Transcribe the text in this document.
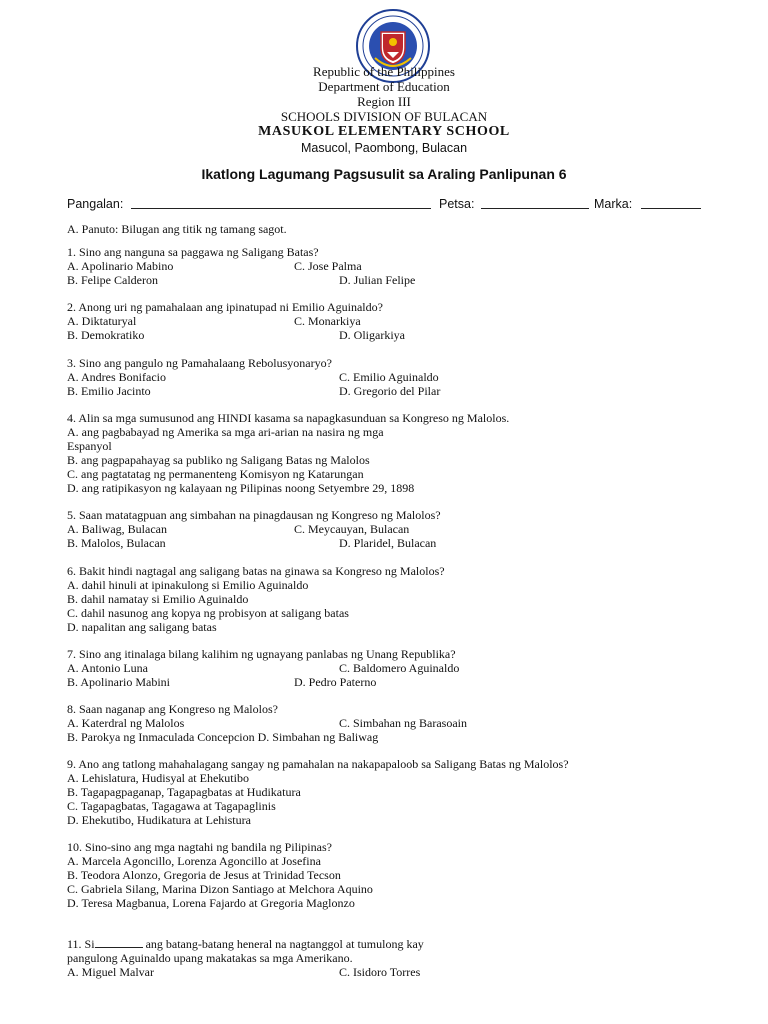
Republic of the Philippines
Department of Education
Region III
SCHOOLS DIVISION OF BULACAN
MASUKOL ELEMENTARY SCHOOL
Masucol, Paombong, Bulacan
Ikatlong Lagumang Pagsusulit sa Araling Panlipunan 6
Pangalan:	Petsa:	Marka:
A. Panuto: Bilugan ang titik ng tamang sagot.
1. Sino ang nanguna sa paggawa ng Saligang Batas?
A. Apolinario Mabino	C. Jose Palma
B. Felipe Calderon	D. Julian Felipe
2. Anong uri ng pamahalaan ang ipinatupad ni Emilio Aguinaldo?
A. Diktaturyal	C. Monarkiya
B. Demokratiko	D. Oligarkiya
3. Sino ang pangulo ng Pamahalaang Rebolusyonaryo?
A. Andres Bonifacio	C. Emilio Aguinaldo
B. Emilio Jacinto	D. Gregorio del Pilar
4. Alin sa mga sumusunod ang HINDI kasama sa napagkasunduan sa Kongreso ng Malolos.
A. ang pagbabayad ng Amerika sa mga ari-arian na nasira ng mga
Espanyol
B. ang pagpapahayag sa publiko ng Saligang Batas ng Malolos
C. ang pagtatatag ng permanenteng Komisyon ng Katarungan
D. ang ratipikasyon ng kalayaan ng Pilipinas noong Setyembre 29, 1898
5. Saan matatagpuan ang simbahan na pinagdausan ng Kongreso ng Malolos?
A. Baliwag, Bulacan	C. Meycauyan, Bulacan
B. Malolos, Bulacan	D. Plaridel, Bulacan
6. Bakit hindi nagtagal ang saligang batas na ginawa sa Kongreso ng Malolos?
A. dahil hinuli at ipinakulong si Emilio Aguinaldo
B. dahil namatay si Emilio Aguinaldo
C. dahil nasunog ang kopya ng probisyon at saligang batas
D. napalitan ang saligang batas
7. Sino ang itinalaga bilang kalihim ng ugnayang panlabas ng Unang Republika?
A. Antonio Luna	C. Baldomero Aguinaldo
B. Apolinario Mabini	D. Pedro Paterno
8. Saan naganap ang Kongreso ng Malolos?
A. Katerdral ng Malolos	C. Simbahan ng Barasoain
B. Parokya ng Inmaculada Concepcion D. Simbahan ng Baliwag
9. Ano ang tatlong mahahalagang sangay ng pamahalan na nakapapaloob sa Saligang Batas ng Malolos?
A. Lehislatura, Hudisyal at Ehekutibo
B. Tagapagpaganap, Tagapagbatas at Hudikatura
C. Tagapagbatas, Tagagawa at Tagapaglinis
D. Ehekutibo, Hudikatura at Lehistura
10. Sino-sino ang mga nagtahi ng bandila ng Pilipinas?
A. Marcela Agoncillo, Lorenza Agoncillo at Josefina
B. Teodora Alonzo, Gregoria de Jesus at Trinidad Tecson
C. Gabriela Silang, Marina Dizon Santiago at Melchora Aquino
D. Teresa Magbanua, Lorena Fajardo at Gregoria Maglonzo
11. Si	ang batang-batang heneral na nagtanggol at tumulong kay
pangulong Aguinaldo upang makatakas sa mga Amerikano.
A. Miguel Malvar	C. Isidoro Torres
